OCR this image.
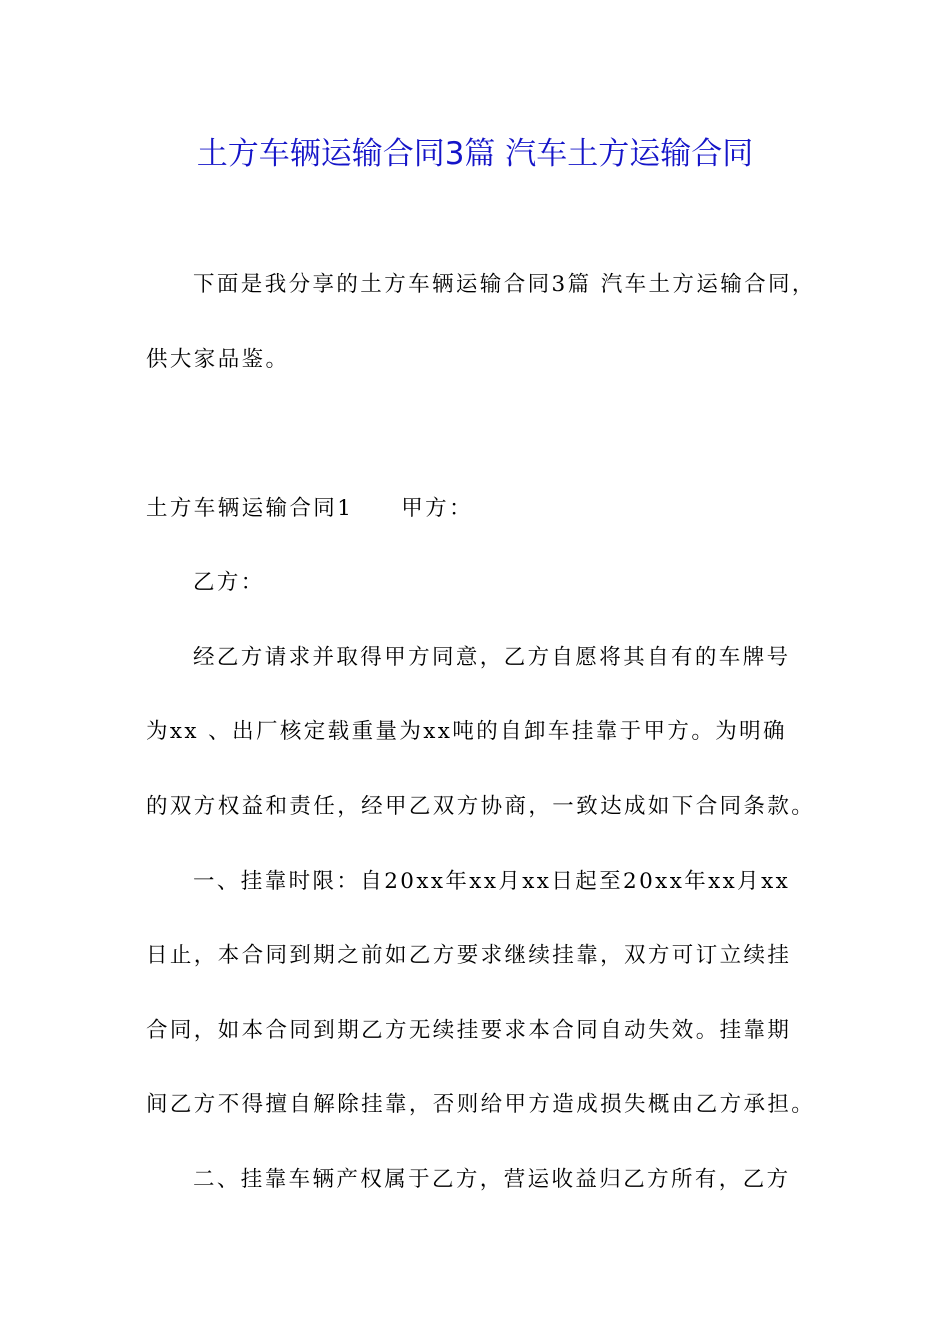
土方车辆运输合同3篇 汽车土方运输合同
下面是我分享的土方车辆运输合同3篇 汽车土方运输合同，
供大家品鉴。
土方车辆运输合同1 甲方：
乙方：
经乙方请求并取得甲方同意，乙方自愿将其自有的车牌号
为xx 、出厂核定载重量为xx吨的自卸车挂靠于甲方。为明确
的双方权益和责任，经甲乙双方协商，一致达成如下合同条款。
一、挂靠时限：自20xx年xx月xx日起至20xx年xx月xx
日止，本合同到期之前如乙方要求继续挂靠，双方可订立续挂
合同，如本合同到期乙方无续挂要求本合同自动失效。挂靠期
间乙方不得擅自解除挂靠，否则给甲方造成损失概由乙方承担。
二、挂靠车辆产权属于乙方，营运收益归乙方所有，乙方
